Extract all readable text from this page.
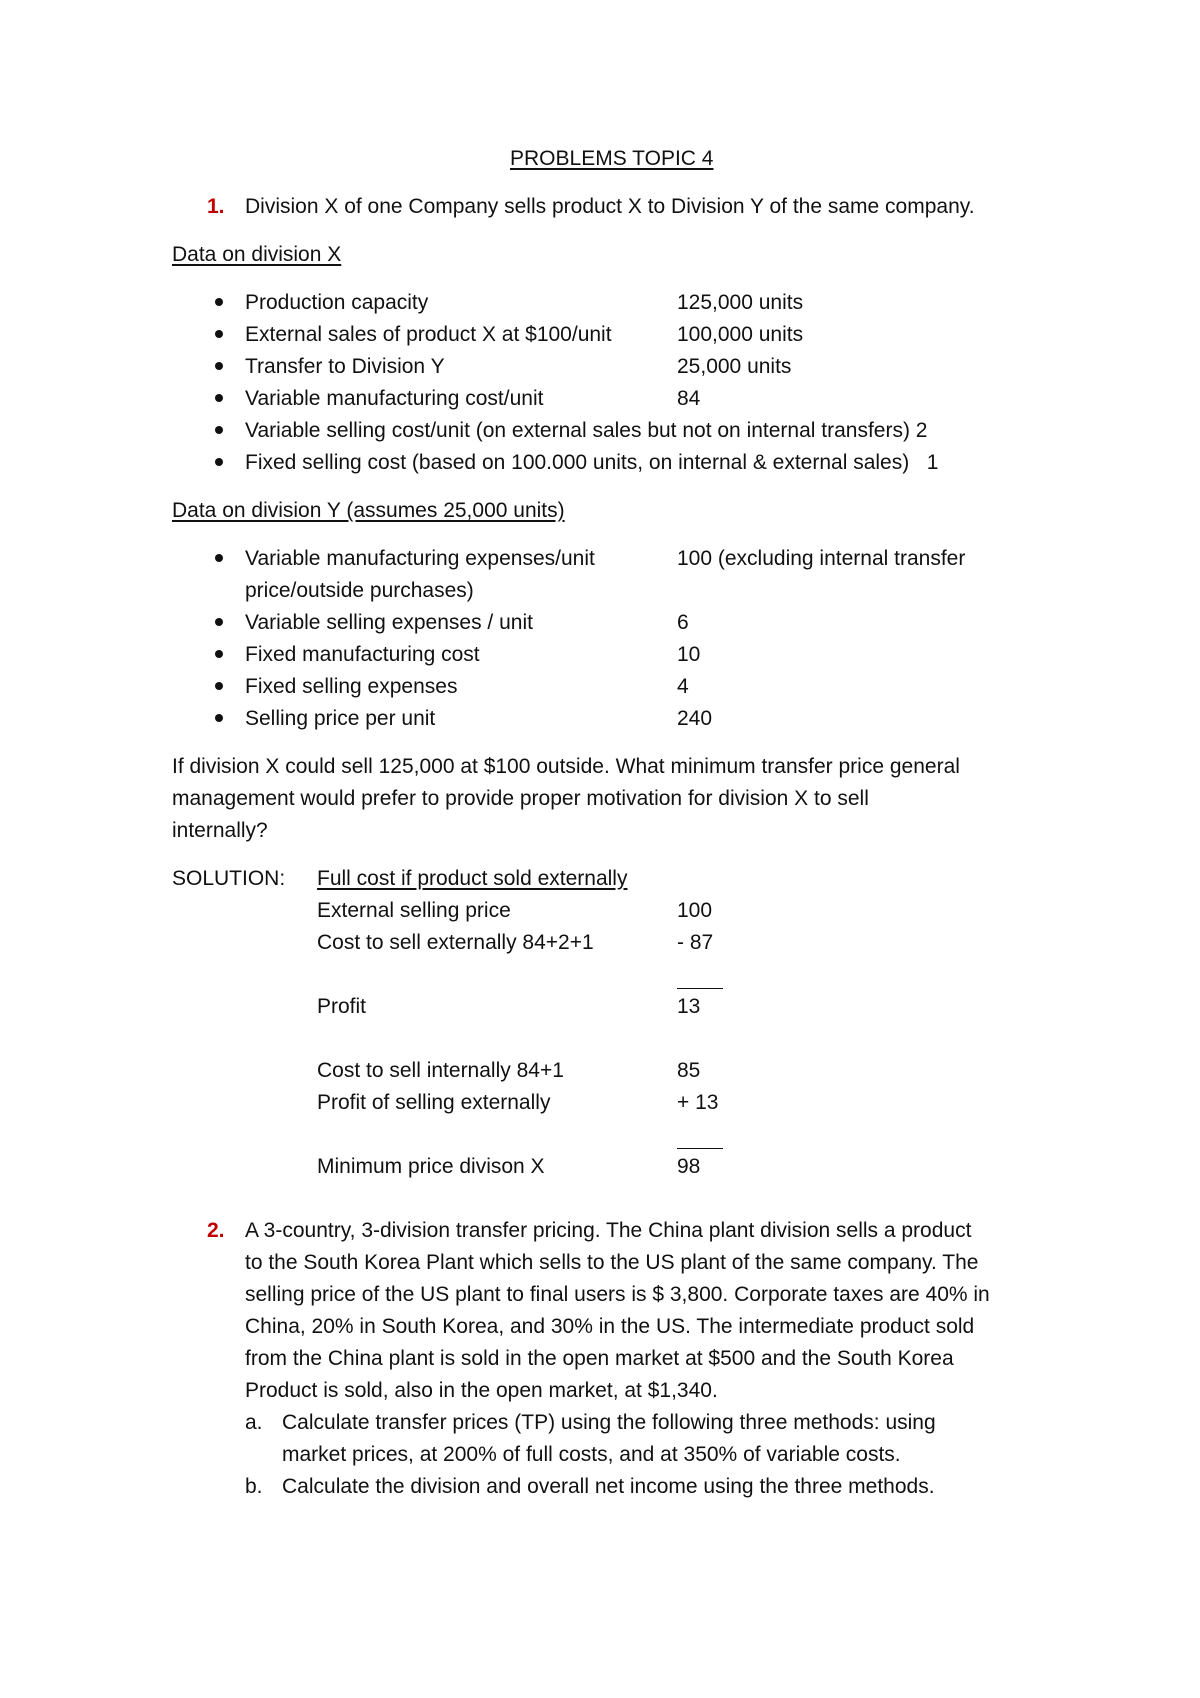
PROBLEMS TOPIC 4
1. Division X of one Company sells product X to Division Y of the same company.
Data on division X
Production capacity	125,000 units
External sales of product X at $100/unit	100,000 units
Transfer to Division Y	25,000 units
Variable manufacturing cost/unit	84
Variable selling cost/unit (on external sales but not on internal transfers) 2
Fixed selling cost (based on 100.000 units, on internal & external sales)   1
Data on division Y (assumes 25,000 units)
Variable manufacturing expenses/unit	100 (excluding internal transfer
price/outside purchases)
Variable selling expenses / unit	6
Fixed manufacturing cost	10
Fixed selling expenses	4
Selling price per unit	240
If division X could sell 125,000 at $100 outside. What minimum transfer price general
management would prefer to provide proper motivation for division X to sell
internally?
SOLUTION: Full cost if product sold externally
External selling price	100
Cost to sell externally 84+2+1	- 87
Profit	13
Cost to sell internally 84+1	85
Profit of selling externally	+ 13
Minimum price divison X	98
2. A 3-country, 3-division transfer pricing. The China plant division sells a product
to the South Korea Plant which sells to the US plant of the same company. The
selling price of the US plant to final users is $ 3,800. Corporate taxes are 40% in
China, 20% in South Korea, and 30% in the US. The intermediate product sold
from the China plant is sold in the open market at $500 and the South Korea
Product is sold, also in the open market, at $1,340.
a. Calculate transfer prices (TP) using the following three methods: using
market prices, at 200% of full costs, and at 350% of variable costs.
b. Calculate the division and overall net income using the three methods.
